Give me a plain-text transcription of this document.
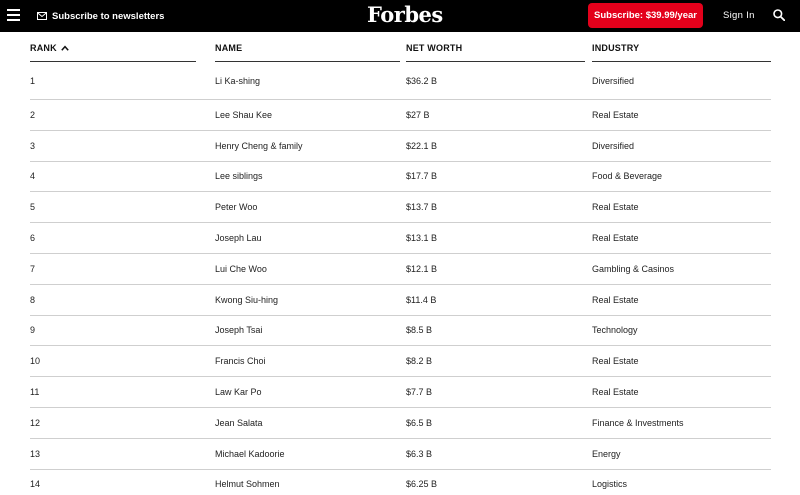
Subscribe to newsletters	Forbes	Subscribe: $39.99/year	Sign In
RANK	NAME	NET WORTH	INDUSTRY
1	Li Ka-shing	$36.2 B	Diversified
2	Lee Shau Kee	$27 B	Real Estate
3	Henry Cheng & family	$22.1 B	Diversified
4	Lee siblings	$17.7 B	Food & Beverage
5	Peter Woo	$13.7 B	Real Estate
6	Joseph Lau	$13.1 B	Real Estate
7	Lui Che Woo	$12.1 B	Gambling & Casinos
8	Kwong Siu-hing	$11.4 B	Real Estate
9	Joseph Tsai	$8.5 B	Technology
10	Francis Choi	$8.2 B	Real Estate
11	Law Kar Po	$7.7 B	Real Estate
12	Jean Salata	$6.5 B	Finance & Investments
13	Michael Kadoorie	$6.3 B	Energy
14	Helmut Sohmen	$6.25 B	Logistics
